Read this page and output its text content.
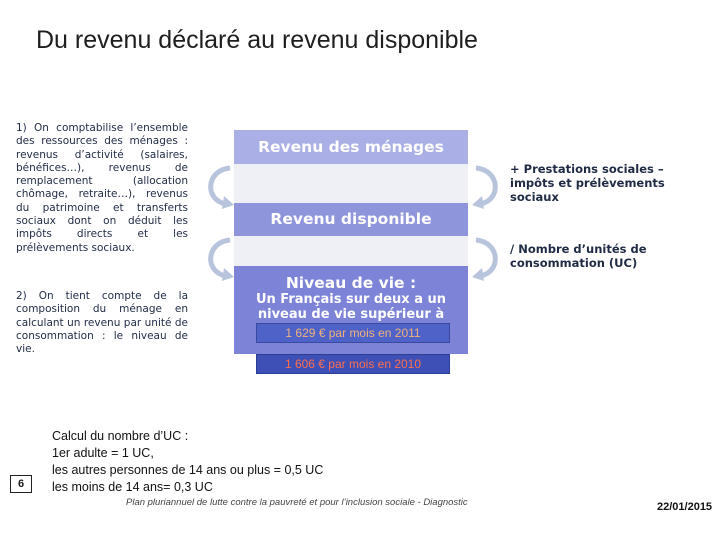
Du revenu déclaré au revenu disponible
1) On comptabilise l’ensemble des ressources des ménages : revenus d’activité (salaires, bénéfices…), revenus de remplacement (allocation chômage, retraite…), revenus du patrimoine et transferts sociaux dont on déduit les impôts directs et les prélèvements sociaux.
2) On tient compte de la composition du ménage en calculant un revenu par unité de consommation : le niveau de vie.
Revenu des ménages
Revenu disponible
Niveau de vie :
Un Français sur deux a un niveau de vie supérieur à
1 629 € par mois en 2011
1 606 € par mois en 2010
+ Prestations sociales – impôts et prélèvements sociaux
/ Nombre d’unités de consommation (UC)
Calcul du nombre d’UC :
1er adulte = 1 UC,
les autres personnes de 14 ans ou plus = 0,5 UC
les moins de 14 ans= 0,3 UC
6
Plan pluriannuel de lutte contre la pauvreté et pour l’inclusion sociale - Diagnostic	22/01/2015
